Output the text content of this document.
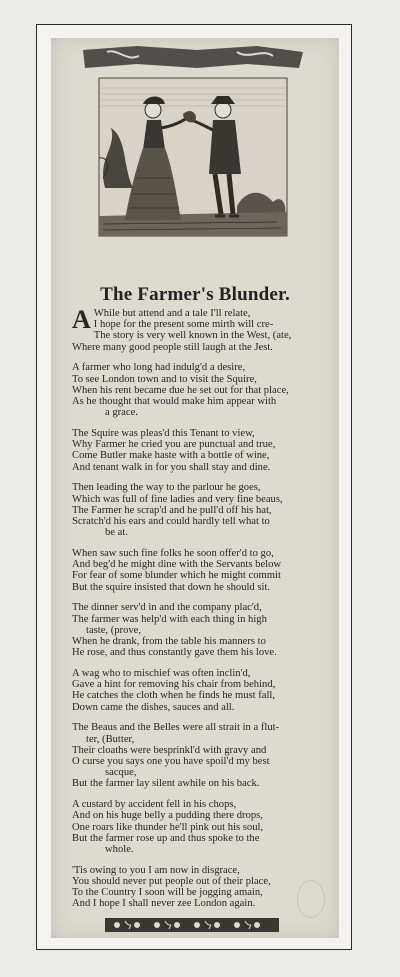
The Farmer's Blunder.
A While but attend and a tale I'll relate,
I hope for the present some mirth will cre-
The story is very well known in the West, (ate,
Where many good people still laugh at the Jest.
A farmer who long had indulg'd a desire,
To see London town and to visit the Squire,
When his rent became due he set out for that place,
As he thought that would make him appear with
a grace.
The Squire was pleas'd this Tenant to view,
Why Farmer he cried you are punctual and true,
Come Butler make haste with a bottle of wine,
And tenant walk in for you shall stay and dine.
Then leading the way to the parlour he goes,
Which was full of fine ladies and very fine beaus,
The Farmer he scrap'd and he pull'd off his hat,
Scratch'd his ears and could hardly tell what to
be at.
When saw such fine folks he soon offer'd to go,
And beg'd he might dine with the Servants below
For fear of some blunder which he might commit
But the squire insisted that down he should sit.
The dinner serv'd in and the company plac'd,
The farmer was help'd with each thing in high
taste, (prove,
When he drank, from the table his manners to
He rose, and thus constantly gave them his love.
A wag who to mischief was often inclin'd,
Gave a hint for removing his chair from behind,
He catches the cloth when he finds he must fall,
Down came the dishes, sauces and all.
The Beaus and the Belles were all strait in a flut-
ter, (Butter,
Their cloaths were besprinkl'd with gravy and
O curse you says one you have spoil'd my best
sacque,
But the farmer lay silent awhile on his back.
A custard by accident fell in his chops,
And on his huge belly a pudding there drops,
One roars like thunder he'll pink out his soul,
But the farmer rose up and thus spoke to the
whole.
'Tis owing to you I am now in disgrace,
You should never put people out of their place,
To the Country I soon will be jogging amain,
And I hope I shall never zee London again.
